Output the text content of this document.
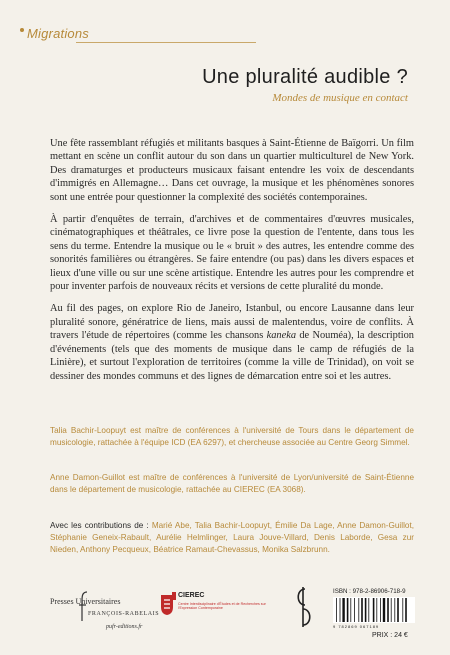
Migrations
Une pluralité audible ?
Mondes de musique en contact

Une fête rassemblant réfugiés et militants basques à Saint-Étienne de Baïgorri. Un film mettant en scène un conflit autour du son dans un quartier multiculturel de New York. Des dramaturges et producteurs musicaux faisant entendre les voix de descendants d'immigrés en Allemagne… Dans cet ouvrage, la musique et les phénomènes sonores sont une entrée pour questionner la complexité des sociétés contemporaines.

À partir d'enquêtes de terrain, d'archives et de commentaires d'œuvres musicales, cinématographiques et théâtrales, ce livre pose la question de l'entente, dans tous les sens du terme. Entendre la musique ou le « bruit » des autres, les entendre comme des sonorités familières ou étrangères. Se faire entendre (ou pas) dans les divers espaces et lieux d'une ville ou sur une scène artistique. Entendre les autres pour les comprendre et pour inventer parfois de nouveaux récits et versions de cette pluralité du monde.

Au fil des pages, on explore Rio de Janeiro, Istanbul, ou encore Lausanne dans leur pluralité sonore, génératrice de liens, mais aussi de malentendus, voire de conflits. À travers l'étude de répertoires (comme les chansons kaneka de Nouméa), la description d'événements (tels que des moments de musique dans le camp de réfugiés de la Linière), et surtout l'exploration de territoires (comme la ville de Trinidad), on voit se dessiner des mondes communs et des lignes de démarcation entre soi et les autres.

Talia Bachir-Loopuyt est maître de conférences à l'université de Tours dans le département de musicologie, rattachée à l'équipe ICD (EA 6297), et chercheuse associée au Centre Georg Simmel.

Anne Damon-Guillot est maître de conférences à l'université de Lyon/université de Saint-Étienne dans le département de musicologie, rattachée au CIEREC (EA 3068).

Avec les contributions de : Marié Abe, Talia Bachir-Loopuyt, Émilie Da Lage, Anne Damon-Guillot, Stéphanie Geneix-Rabault, Aurélie Helmlinger, Laura Jouve-Villard, Denis Laborde, Gesa zur Nieden, Anthony Pecqueux, Béatrice Ramaut-Chevassus, Monika Salzbrunn.

Presses Universitaires
FRANÇOIS-RABELAIS
pufr-editions.fr
CIEREC
Centre Interdisciplinaire d'Études et de Recherches sur l'Expression Contemporaine
ISBN : 978-2-86906-718-9
9 782869 067189
PRIX : 24 €
